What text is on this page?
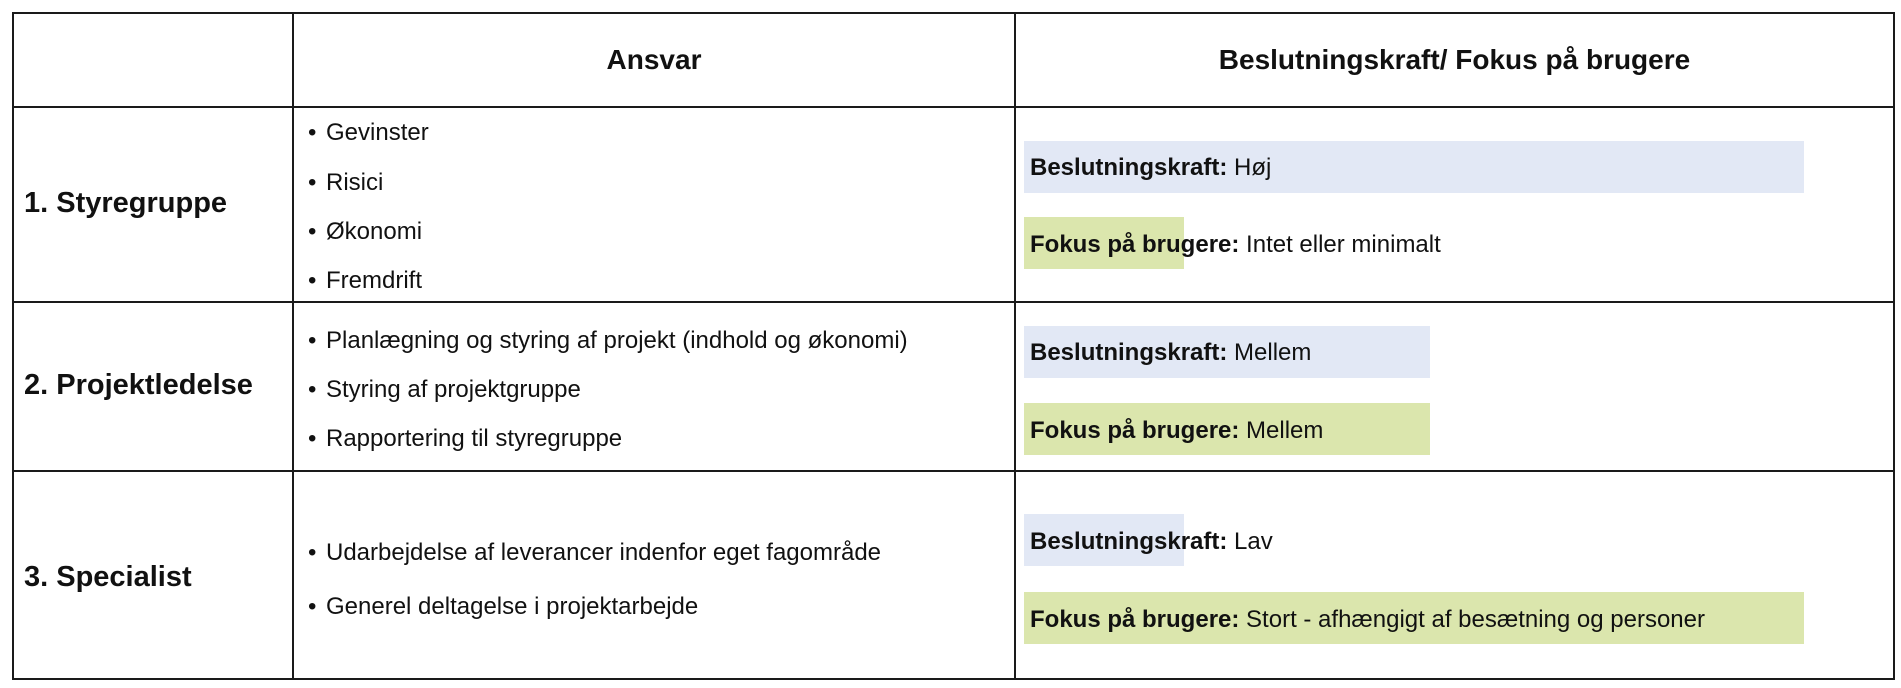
Ansvar	Beslutningskraft/ Fokus på brugere
1. Styregruppe
• Gevinster
• Risici
• Økonomi
• Fremdrift
Beslutningskraft: Høj
Fokus på brugere: Intet eller minimalt
2. Projektledelse
• Planlægning og styring af projekt (indhold og økonomi)
• Styring af projektgruppe
• Rapportering til styregruppe
Beslutningskraft: Mellem
Fokus på brugere: Mellem
3. Specialist
• Udarbejdelse af leverancer indenfor eget fagområde
• Generel deltagelse i projektarbejde
Beslutningskraft: Lav
Fokus på brugere: Stort - afhængigt af besætning og personer
